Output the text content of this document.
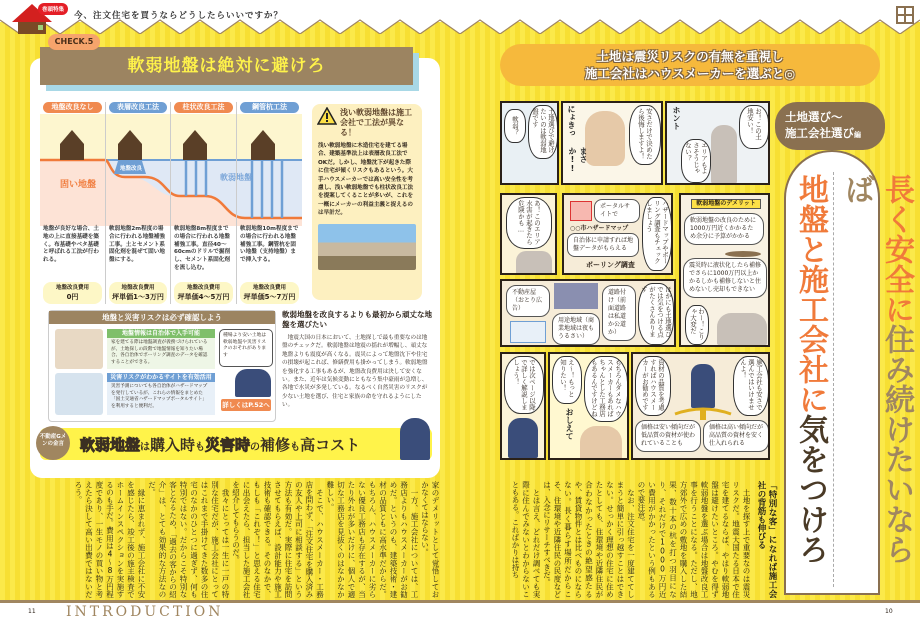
巻頭特集
今、注文住宅を買うならどうしたらいいですか？
軟弱地盤は絶対に避けろ
CHECK.5
固い地盤
地盤改良
軟弱地盤
地盤改良なし
地盤が良好な場合、土地の上に直接基礎を築く。布基礎やベタ基礎と呼ばれる工法が行われる。
地盤改良費用
0円
表層改良工法
軟弱地盤2m程度の場合に行われる地盤補強工事。土とセメント系固化剤を混ぜて固い地盤にする。
地盤改良費用
坪単価1〜3万円
柱状改良工法
軟弱地盤8m程度までの場合に行われる地盤補強工事。直径40〜60cmのドリルで掘削し、セメント系固化剤を流し込む。
地盤改良費用
坪単価4〜5万円
鋼管杭工法
軟弱地盤10m程度までの場合に行われる地盤補強工事。鋼管杭を固い地盤（支持地盤）まで挿入する。
地盤改良費用
坪単価5〜7万円
浅い軟弱地盤は施工会社で工法が異なる！
浅い軟弱地盤に木造住宅を建てる場合、建築基準法上は表層改良工法でOKだ。しかし、地盤沈下が起きた際に住宅が傾くリスクもあるという。大手ハウスメーカーでは高い安全性を考慮し、浅い軟弱地盤でも柱状改良工法を提案してくることが多いが、これを一概にメーカーの利益主義と捉えるのは早計だ。
地盤と災害リスクは必ず確認しよう
地盤情報は自治体で入手可能
家を建てる際は地盤調査が義務づけられているが、土地探しの段階で地盤情報を知りたい場合、各自治体でボーリング調査のデータを確認することができる。
災害リスクがわかるサイトを有効活用
災害予測についても各自治体がハザードマップを発行しているが、これらの情報をまとめた「国土交通省ハザードマップポータルサイト」を利用すると便利だ。
種場より安い土地は軟弱地盤や災害リスクのおそれがあります
詳しくはP.52へ
軟弱地盤を改良するよりも最初から頑丈な地盤を選びたい
地震大国の日本において、土地探しで最も重要なのは地盤のチェックだ。軟弱地盤は地震の揺れが増幅し、頑丈な地盤よりも震度が高くなる。震災によって地盤沈下や住宅の損壊が起これば、修繕費用も掛かってしまう。軟弱地盤を強化する工事もあるが、地盤改良費用は決して安くない。また、近年は気候変動にともなう集中豪雨が急増し、各地で水災が多発している。なるべく自然災害のリスクが少ない土地を選び、住宅と家族の命を守れるようにしたい。
不動産Gメンの金言	軟弱地盤は購入時も災害時の補修も高コスト

家のデメリットとして覚悟しておかなくてはならない。

　一方、施工会社については、工務店よりもハウスメーカーがお勧めだ。というのも、建築技術・建材の品質ともに高水準だからだ。もちろん、ハウスメーカーに劣らない優良工務店も存在するが、当たり外れが多いだけに、個人で適切な工務店を見抜くのはなかなか難しい。

　そこで、ハウスメーカー・工務店を問わず、「注文住宅を購入済みの友人や上司に相談する」という方法も有効だ。実際に住宅を訪問させてもらえば、設計能力や施工技術も確認できる。そのなかで、もしも「これぞ！」と思える住宅に出会えたら、担当した施工会社を紹介してもらうのだ。

　我々にとっては一生に一戸の特別な住宅だが、施工会社にとってはこれまで手掛けてきた数多の住宅のなかのひとつに過ぎず、何も特別ではない。だからこそ特別な客となるため、「過去の客からの紹介」は、とても効果的な方法なのだ。

　縁に恵まれず、施工会社に不安を感じたら、竣工後の施主検査でホームインスペクションを実施するのも手だ。費用は4〜8万円程度であり、一生モノの買い物と考えたら決して高い出費ではないだろう。

11 INTRODUCTION	10
土地は震災リスクの有無を重視し
施工会社はハウスメーカーを選ぶと◎
長く安全に住み続けたいならば
地盤と施工会社に気をつけろ
土地選び〜
施工会社選び編
軟弱？	土地選びで避けたいのは軟弱地盤です	にょきっ
まさか!!
安さだけで決めたら後悔しますよ！	ホント	お！この土地安い！
エリアもよさそうじゃない？
あ！このエリア水害が起きたら危険かも…	ポータルサイトで
○○市ハザードマップ
自治体に申請すれば地盤データがもらえる
ボーリング調査
ハザードマップやボーリング調査もチェックしましょう	軟弱地盤のデメリット
軟弱地盤の改良のために1000万円近くかかるため余分に予算がかかる
震災時に液状化したら補修でさらに1000万円以上かかるしかも補修しないと住めないし売却もできない
わー！こりゃ大変だ
不動産屋（おとり広告）
用途地域（商業地域は夜もうるさい）
道路付け（前面道路は私道か公道か）	ほかにも土地選びでは気をつける点がたくさんあります
では次ページ以降で詳しく解説しましょう！	え〜！もっと知りたい！	もちろんダメなハウスメーカーもあればちゃんとした工務店もあるんですけどね
おしえて
資材の品質を考慮すればハウスメーカーがお勧めです	施工会社も安さで選んではいけませんよ！
価格は安い傾向だが低品質の資材が使われていることも
価格は高い傾向だが高品質の資材を安く仕入れられる

「特別な客」になれば施工会社の背筋も伸びる

　土地を探す上で重要なのは震災リスクだ。地震大国たる日本で住宅を建てるならば、やはり軟弱地盤は避けたいところ。やむを得ず軟弱地盤を選ぶ場合は地盤改良工事を行うことになる。ただし、地方郊外で広めの敷地を購入した結果、数十本の杭を打つ羽目になり、それだけで1000万円近い費用がかかったという例もあるので要注意。

　なお、注文住宅を一度建ててしまうと簡単に引っ越すことはできない。せっかく理想の住宅に住めたとしても、住環境や近隣住民が合わなかったときの絶望感たるや、賃貸物件とは比べものにならない。長く暮らす場所だからこそ、住環境や近隣住民の民度などは、入念にリサーチすべきだ。

　とは言え、どれだけ調べても実際に住んでみないとわからないこともある。こればかりは持ち
